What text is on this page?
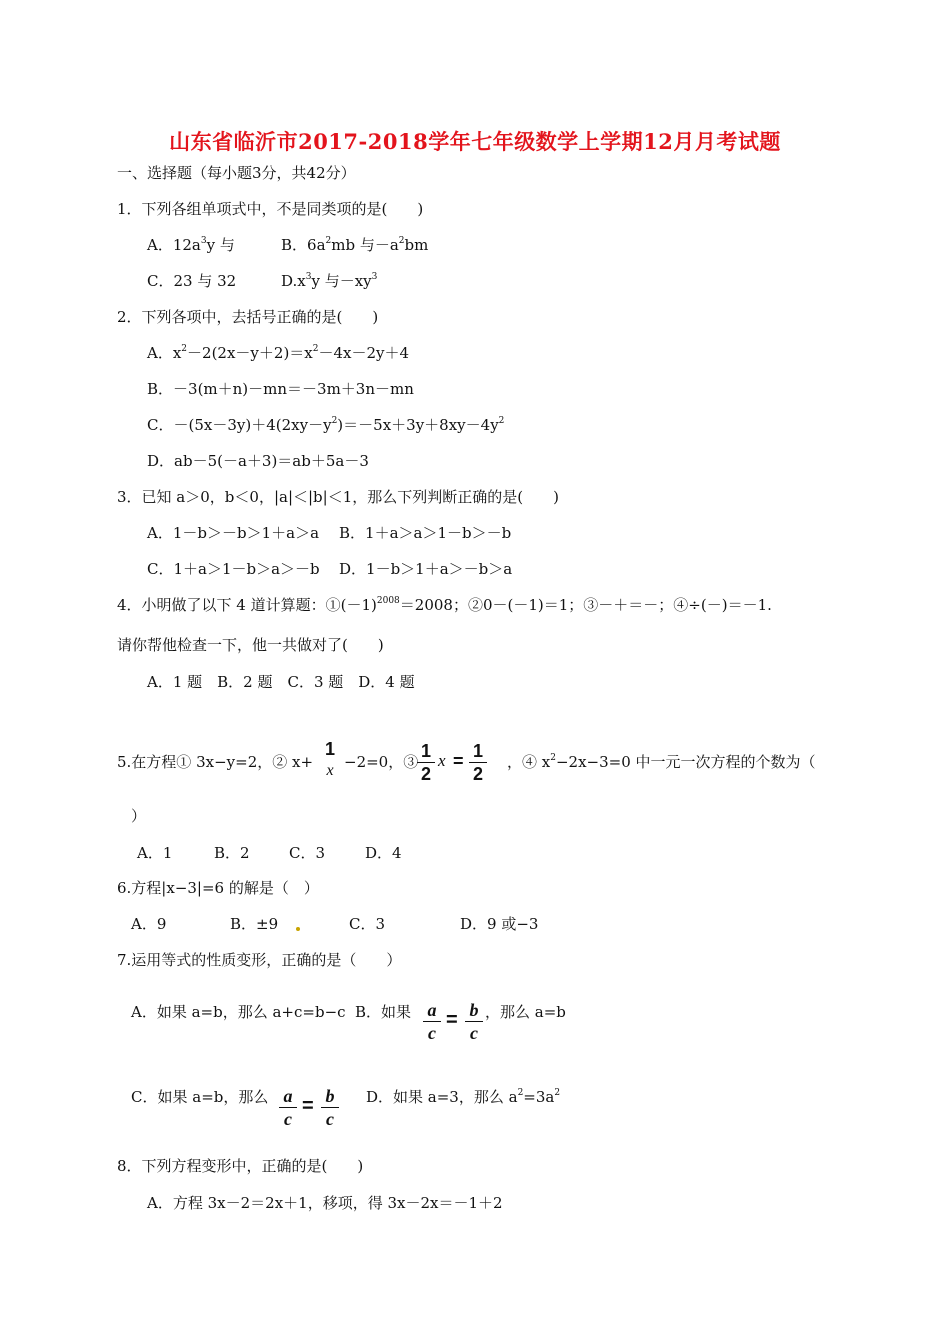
山东省临沂市2017-2018学年七年级数学上学期12月月考试题
一、选择题（每小题3分，共42分）
1．下列各组单项式中，不是同类项的是(　　)
A．$12a^3y$ 与	B．$6a^2mb$ 与$-a^2bm$
C．23 与 32	$D.x^3y$ 与$-xy^3$
2．下列各项中，去括号正确的是(　　)
A．$x^2-2(2x-y+2)=x^2-4x-2y+4$
B．－3(m＋n)－mn＝－3m＋3n－mn
C．$-(5x-3y)+4(2xy-y^2)=-5x+3y+8xy-4y^2$
D．ab－5(－a＋3)＝ab＋5a－3
3．已知 a＞0，b＜0，|a|＜|b|＜1，那么下列判断正确的是(　　)
A．1－b＞－b＞1＋a＞a B．1＋a＞a＞1－b＞－b
C．1＋a＞1－b＞a＞－b D．1－b＞1＋a＞－b＞a
4．小明做了以下 4 道计算题：$①(-1)^{2008}=2008$；②0－(－1)＝1；③－＋＝－；④÷(－)＝－1.
请你帮他检查一下，他一共做对了(　　)
A．1 题　B．2 题　C．3 题　D．4 题
5.在方程① 3x−y=2，② x+
1
x −2=0，③
1
2
x = 1
2
，④ $x^2-2x-3=0$ 中一元一次方程的个数为（
）
A．1	B．2	C．3	D．4
6.方程|x−3|=6 的解是（　）
A．9	B．±9	C．3	D．9 或−3
7.运用等式的性质变形，正确的是（　　）
A．如果 a=b，那么 a+c=b−c B．如果 a
c
= b
c
，那么 a=b
C．如果 a=b，那么 a
c
= b
c
D．如果 a=3，那么 $a^2=3a^2$
8．下列方程变形中，正确的是(　　)
A．方程 3x－2＝2x＋1，移项，得 3x－2x＝－1＋2
